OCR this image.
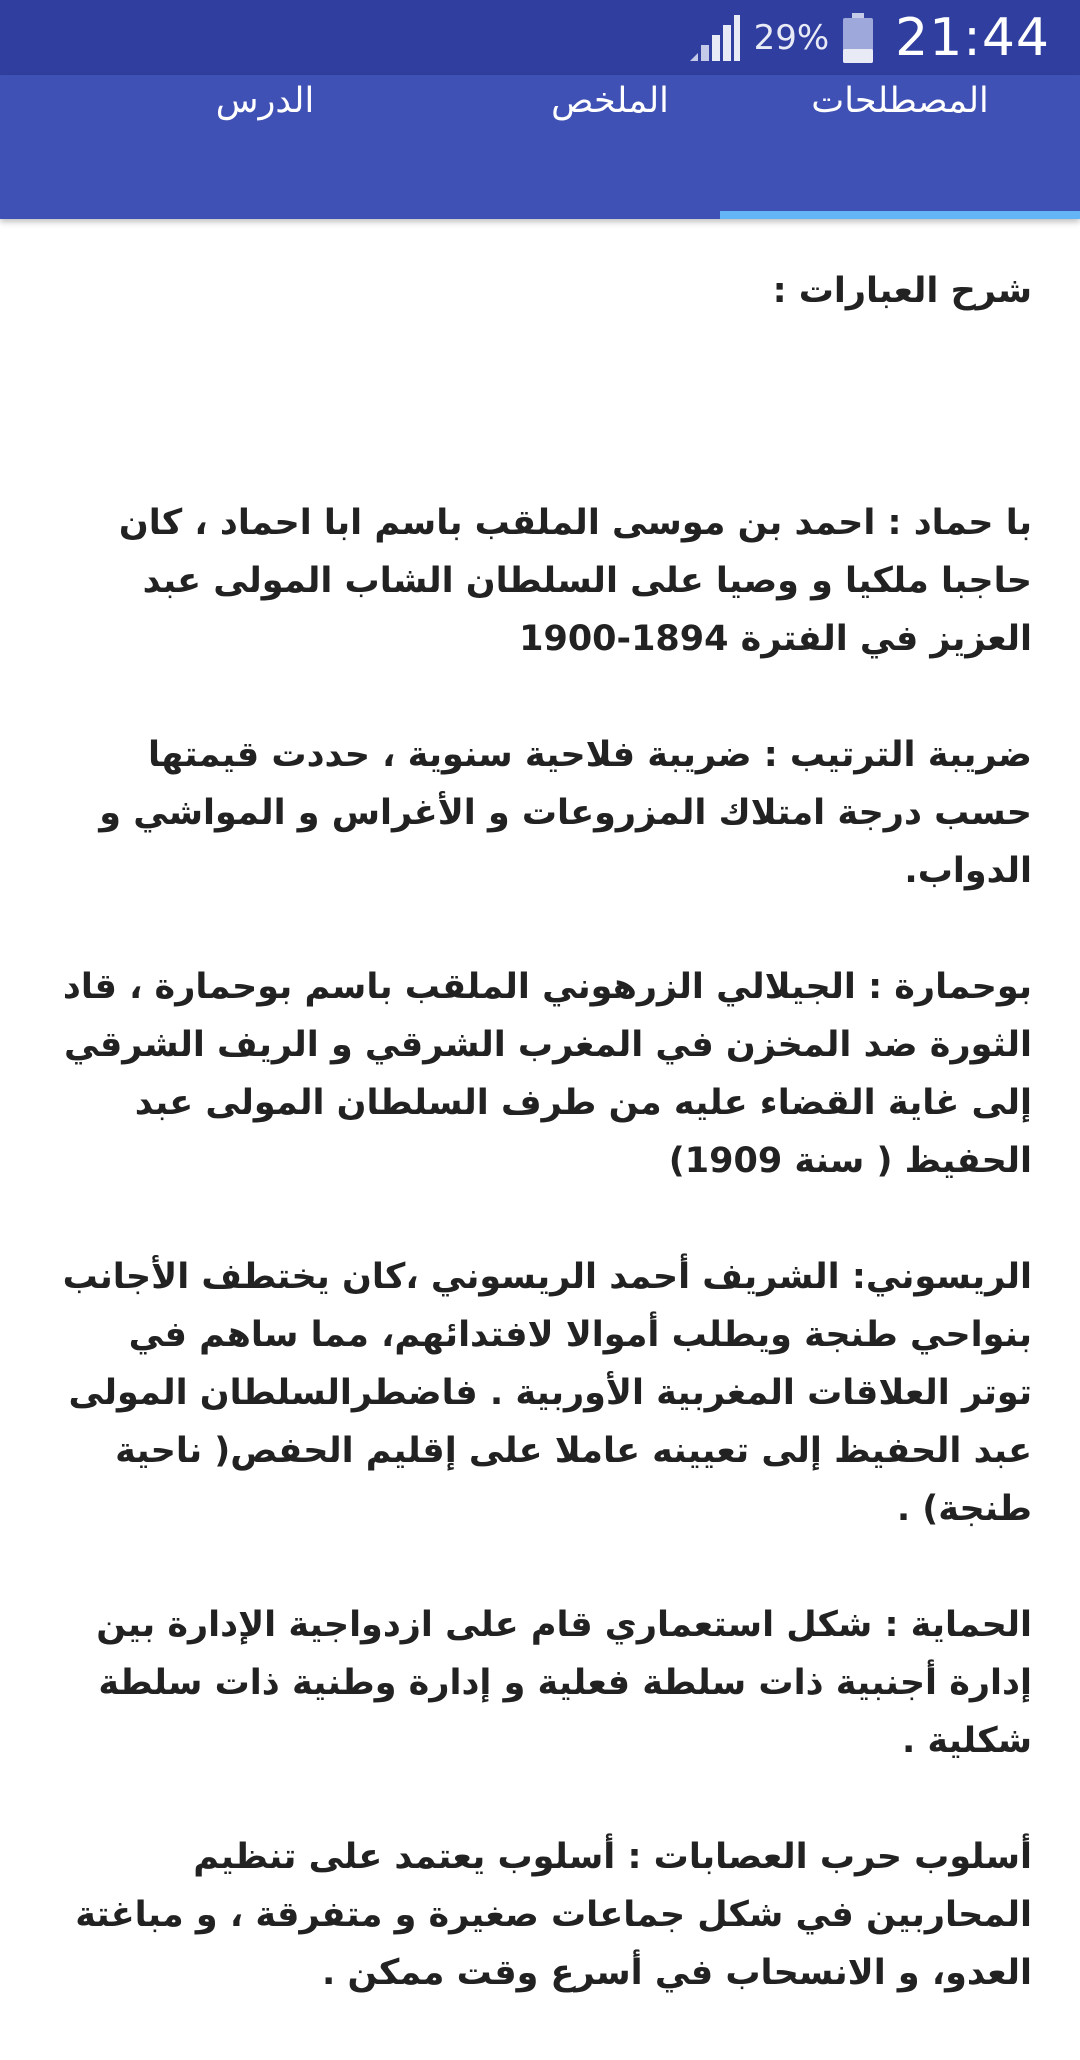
29% 21:44
المصطلحات
الملخص
الدرس

شرح العبارات :

با حماد : احمد بن موسى الملقب باسم ابا احماد ، كان حاجبا ملكيا و وصيا على السلطان الشاب المولى عبد العزيز في الفترة 1894-1900

ضريبة الترتيب : ضريبة فلاحية سنوية ، حددت قيمتها حسب درجة امتلاك المزروعات و الأغراس و المواشي و الدواب.

بوحمارة : الجيلالي الزرهوني الملقب باسم بوحمارة ، قاد الثورة ضد المخزن في المغرب الشرقي و الريف الشرقي إلى غاية القضاء عليه من طرف السلطان المولى عبد الحفيظ ( سنة 1909)

الريسوني: الشريف أحمد الريسوني ،كان يختطف الأجانب بنواحي طنجة ويطلب أموالا لافتدائهم، مما ساهم في توتر العلاقات المغربية الأوربية . فاضطرالسلطان المولى عبد الحفيظ إلى تعيينه عاملا على إقليم الحفص( ناحية طنجة) .

الحماية : شكل استعماري قام على ازدواجية الإدارة بين إدارة أجنبية ذات سلطة فعلية و إدارة وطنية ذات سلطة شكلية .

أسلوب حرب العصابات : أسلوب يعتمد على تنظيم المحاربين في شكل جماعات صغيرة و متفرقة ، و مباغتة العدو، و الانسحاب في أسرع وقت ممكن .
